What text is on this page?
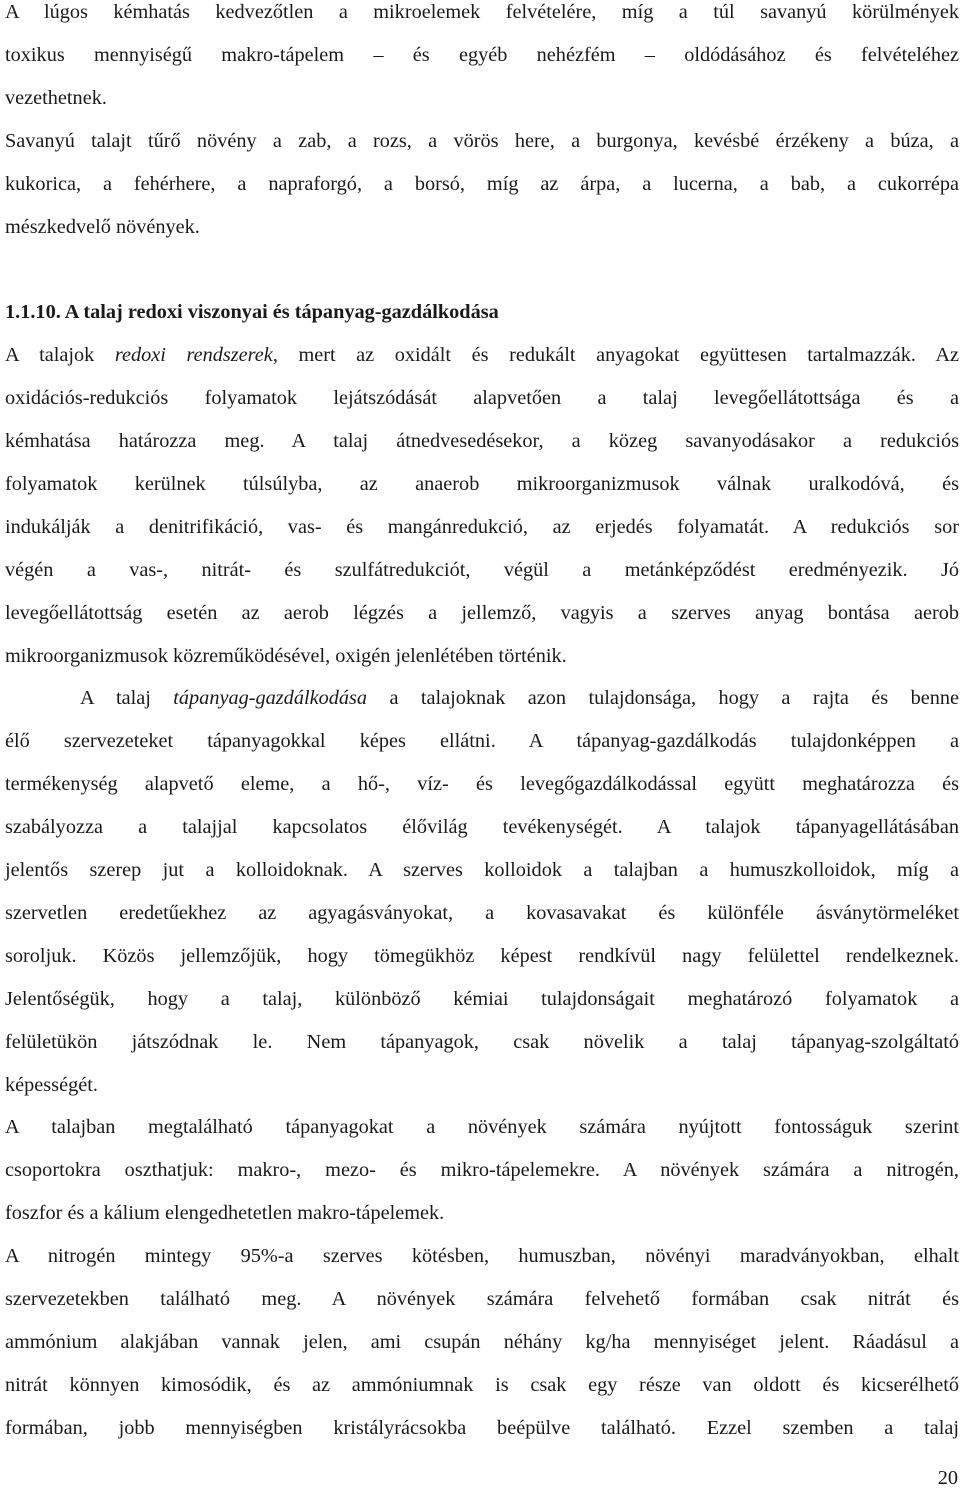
A lúgos kémhatás kedvezőtlen a mikroelemek felvételére, míg a túl savanyú körülmények
toxikus mennyiségű makro-tápelem – és egyéb nehézfém – oldódásához és felvételéhez
vezethetnek.
Savanyú talajt tűrő növény a zab, a rozs, a vörös here, a burgonya, kevésbé érzékeny a búza, a
kukorica, a fehérhere, a napraforgó, a borsó, míg az árpa, a lucerna, a bab, a cukorrépa
mészkedvelő növények.
1.1.10. A talaj redoxi viszonyai és tápanyag-gazdálkodása
A talajok redoxi rendszerek, mert az oxidált és redukált anyagokat együttesen tartalmazzák. Az
oxidációs-redukciós folyamatok lejátszódását alapvetően a talaj levegőellátottsága és a
kémhatása határozza meg. A talaj átnedvesedésekor, a közeg savanyodásakor a redukciós
folyamatok kerülnek túlsúlyba, az anaerob mikroorganizmusok válnak uralkodóvá, és
indukálják a denitrifikáció, vas- és mangánredukció, az erjedés folyamatát. A redukciós sor
végén a vas-, nitrát- és szulfátredukciót, végül a metánképződést eredményezik. Jó
levegőellátottság esetén az aerob légzés a jellemző, vagyis a szerves anyag bontása aerob
mikroorganizmusok közreműködésével, oxigén jelenlétében történik.
A talaj tápanyag-gazdálkodása a talajoknak azon tulajdonsága, hogy a rajta és benne
élő szervezeteket tápanyagokkal képes ellátni. A tápanyag-gazdálkodás tulajdonképpen a
termékenység alapvető eleme, a hő-, víz- és levegőgazdálkodással együtt meghatározza és
szabályozza a talajjal kapcsolatos élővilág tevékenységét. A talajok tápanyagellátásában
jelentős szerep jut a kolloidoknak. A szerves kolloidok a talajban a humuszkolloidok, míg a
szervetlen eredetűekhez az agyagásványokat, a kovasavakat és különféle ásványtörmeléket
soroljuk. Közös jellemzőjük, hogy tömegükhöz képest rendkívül nagy felülettel rendelkeznek.
Jelentőségük, hogy a talaj, különböző kémiai tulajdonságait meghatározó folyamatok a
felületükön játszódnak le. Nem tápanyagok, csak növelik a talaj tápanyag-szolgáltató
képességét.
A talajban megtalálható tápanyagokat a növények számára nyújtott fontosságuk szerint
csoportokra oszthatjuk: makro-, mezo- és mikro-tápelemekre. A növények számára a nitrogén,
foszfor és a kálium elengedhetetlen makro-tápelemek.
A nitrogén mintegy 95%-a szerves kötésben, humuszban, növényi maradványokban, elhalt
szervezetekben található meg. A növények számára felvehető formában csak nitrát és
ammónium alakjában vannak jelen, ami csupán néhány kg/ha mennyiséget jelent. Ráadásul a
nitrát könnyen kimosódik, és az ammóniumnak is csak egy része van oldott és kicserélhető
formában, jobb mennyiségben kristályrácsokba beépülve található. Ezzel szemben a talaj
20
